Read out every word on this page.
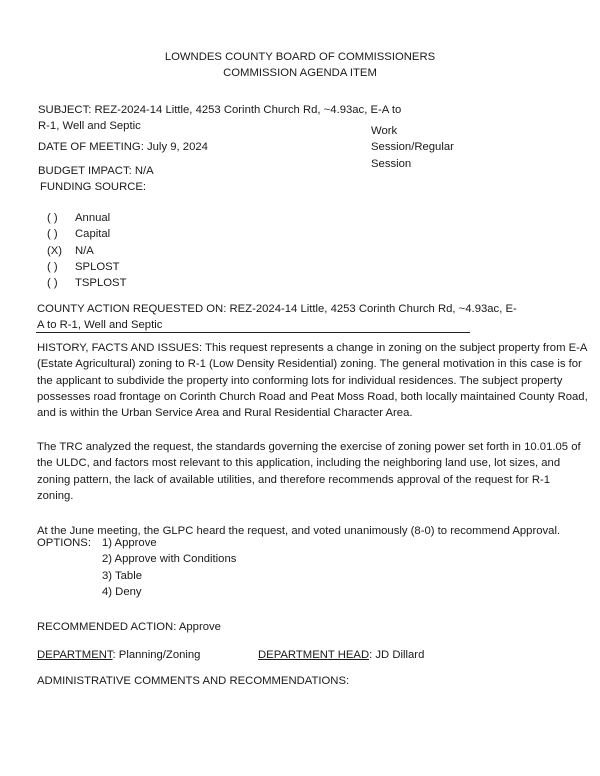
LOWNDES COUNTY BOARD OF COMMISSIONERS
COMMISSION AGENDA ITEM
SUBJECT: REZ-2024-14 Little, 4253 Corinth Church Rd, ~4.93ac, E-A to
R-1, Well and Septic
DATE OF MEETING: July 9, 2024
Work
Session/Regular
Session
BUDGET IMPACT: N/A
FUNDING SOURCE:
( )	Annual
( )	Capital
(X)	N/A
( )	SPLOST
( )	TSPLOST
COUNTY ACTION REQUESTED ON: REZ-2024-14 Little, 4253 Corinth Church Rd, ~4.93ac, E-
A to R-1, Well and Septic
HISTORY, FACTS AND ISSUES: This request represents a change in zoning on the subject property from E-A
(Estate Agricultural) zoning to R-1 (Low Density Residential) zoning. The general motivation in this case is for
the applicant to subdivide the property into conforming lots for individual residences. The subject property
possesses road frontage on Corinth Church Road and Peat Moss Road, both locally maintained County Road,
and is within the Urban Service Area and Rural Residential Character Area.
The TRC analyzed the request, the standards governing the exercise of zoning power set forth in 10.01.05 of
the ULDC, and factors most relevant to this application, including the neighboring land use, lot sizes, and
zoning pattern, the lack of available utilities, and therefore recommends approval of the request for R-1
zoning.
At the June meeting, the GLPC heard the request, and voted unanimously (8-0) to recommend Approval.
OPTIONS: 1) Approve
2) Approve with Conditions
3) Table
4) Deny
RECOMMENDED ACTION: Approve
DEPARTMENT: Planning/Zoning	DEPARTMENT HEAD: JD Dillard
ADMINISTRATIVE COMMENTS AND RECOMMENDATIONS:
